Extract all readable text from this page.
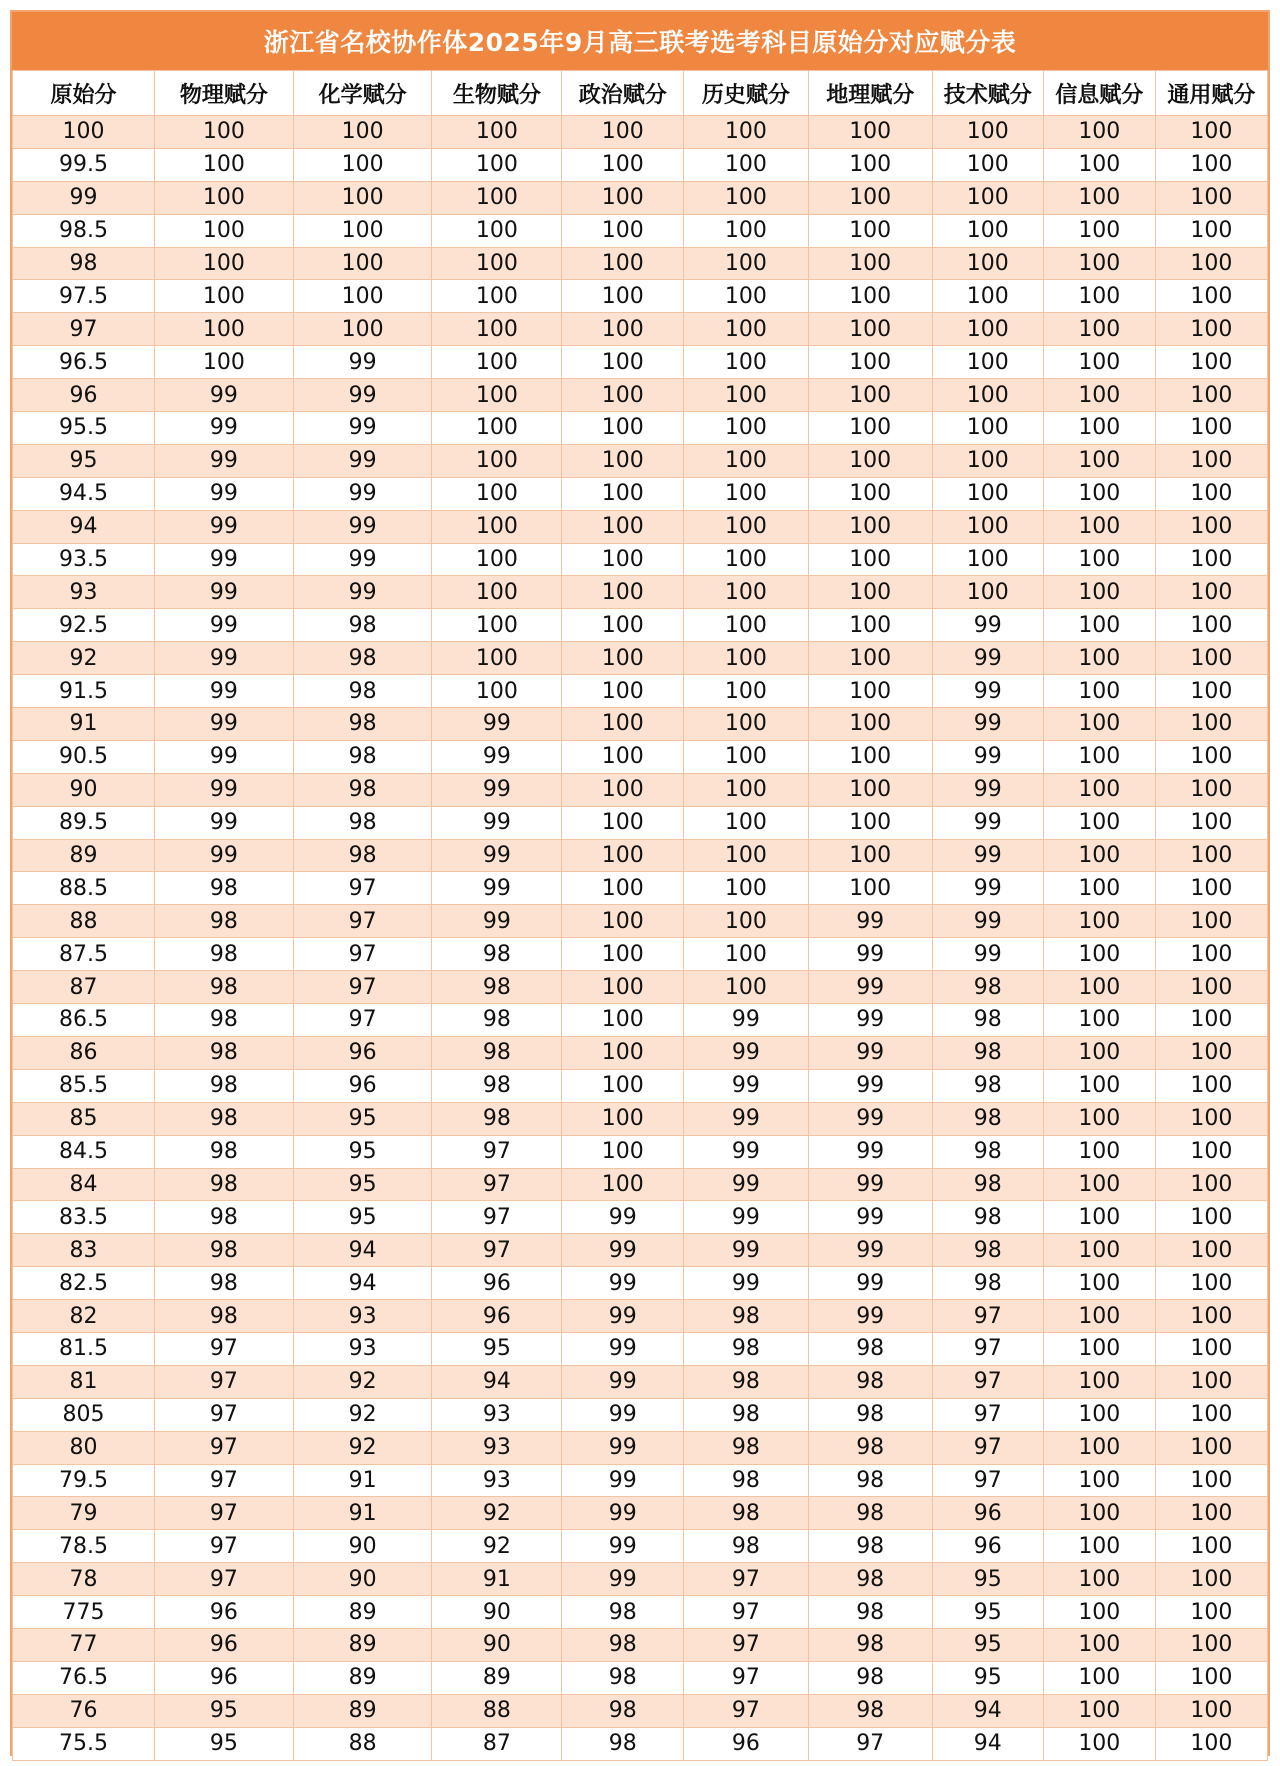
浙江省名校协作体2025年9月高三联考选考科目原始分对应赋分表
原始分	物理赋分	化学赋分	生物赋分	政治赋分	历史赋分	地理赋分	技术赋分	信息赋分	通用赋分
100	100	100	100	100	100	100	100	100	100
99.5	100	100	100	100	100	100	100	100	100
99	100	100	100	100	100	100	100	100	100
98.5	100	100	100	100	100	100	100	100	100
98	100	100	100	100	100	100	100	100	100
97.5	100	100	100	100	100	100	100	100	100
97	100	100	100	100	100	100	100	100	100
96.5	100	99	100	100	100	100	100	100	100
96	99	99	100	100	100	100	100	100	100
95.5	99	99	100	100	100	100	100	100	100
95	99	99	100	100	100	100	100	100	100
94.5	99	99	100	100	100	100	100	100	100
94	99	99	100	100	100	100	100	100	100
93.5	99	99	100	100	100	100	100	100	100
93	99	99	100	100	100	100	100	100	100
92.5	99	98	100	100	100	100	99	100	100
92	99	98	100	100	100	100	99	100	100
91.5	99	98	100	100	100	100	99	100	100
91	99	98	99	100	100	100	99	100	100
90.5	99	98	99	100	100	100	99	100	100
90	99	98	99	100	100	100	99	100	100
89.5	99	98	99	100	100	100	99	100	100
89	99	98	99	100	100	100	99	100	100
88.5	98	97	99	100	100	100	99	100	100
88	98	97	99	100	100	99	99	100	100
87.5	98	97	98	100	100	99	99	100	100
87	98	97	98	100	100	99	98	100	100
86.5	98	97	98	100	99	99	98	100	100
86	98	96	98	100	99	99	98	100	100
85.5	98	96	98	100	99	99	98	100	100
85	98	95	98	100	99	99	98	100	100
84.5	98	95	97	100	99	99	98	100	100
84	98	95	97	100	99	99	98	100	100
83.5	98	95	97	99	99	99	98	100	100
83	98	94	97	99	99	99	98	100	100
82.5	98	94	96	99	99	99	98	100	100
82	98	93	96	99	98	99	97	100	100
81.5	97	93	95	99	98	98	97	100	100
81	97	92	94	99	98	98	97	100	100
805	97	92	93	99	98	98	97	100	100
80	97	92	93	99	98	98	97	100	100
79.5	97	91	93	99	98	98	97	100	100
79	97	91	92	99	98	98	96	100	100
78.5	97	90	92	99	98	98	96	100	100
78	97	90	91	99	97	98	95	100	100
775	96	89	90	98	97	98	95	100	100
77	96	89	90	98	97	98	95	100	100
76.5	96	89	89	98	97	98	95	100	100
76	95	89	88	98	97	98	94	100	100
75.5	95	88	87	98	96	97	94	100	100
